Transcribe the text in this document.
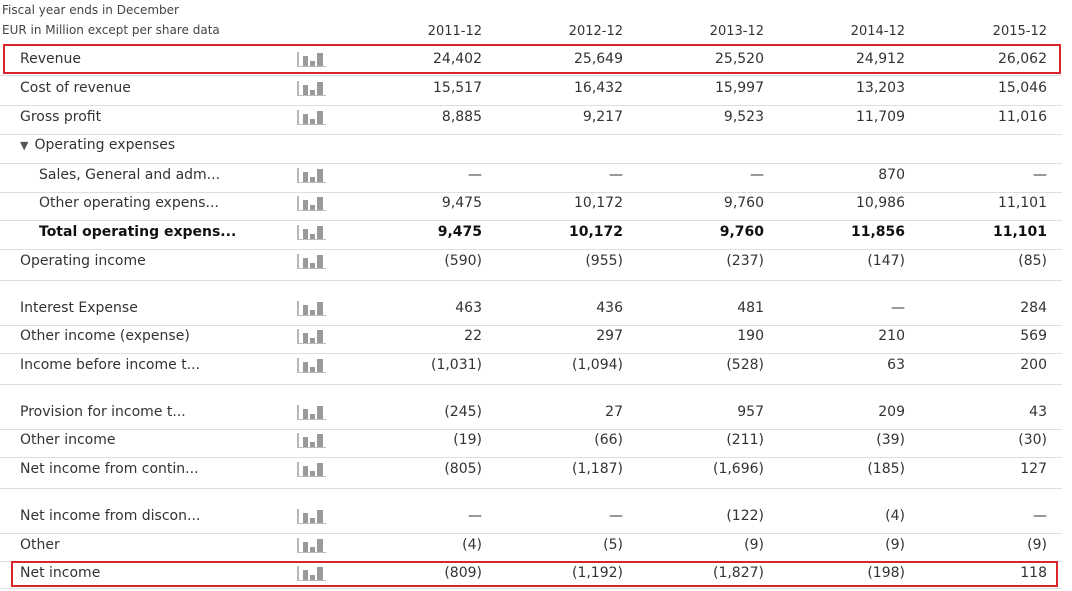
Fiscal year ends in December
EUR in Million except per share data	2011-12	2012-12	2013-12	2014-12	2015-12
Revenue	24,402	25,649	25,520	24,912	26,062
Cost of revenue	15,517	16,432	15,997	13,203	15,046
Gross profit	8,885	9,217	9,523	11,709	11,016
▼ Operating expenses
Sales, General and adm...	—	—	—	870	—
Other operating expens...	9,475	10,172	9,760	10,986	11,101
Total operating expens...	9,475	10,172	9,760	11,856	11,101
Operating income	(590)	(955)	(237)	(147)	(85)
Interest Expense	463	436	481	—	284
Other income (expense)	22	297	190	210	569
Income before income t...	(1,031)	(1,094)	(528)	63	200
Provision for income t...	(245)	27	957	209	43
Other income	(19)	(66)	(211)	(39)	(30)
Net income from contin...	(805)	(1,187)	(1,696)	(185)	127
Net income from discon...	—	—	(122)	(4)	—
Other	(4)	(5)	(9)	(9)	(9)
Net income	(809)	(1,192)	(1,827)	(198)	118
